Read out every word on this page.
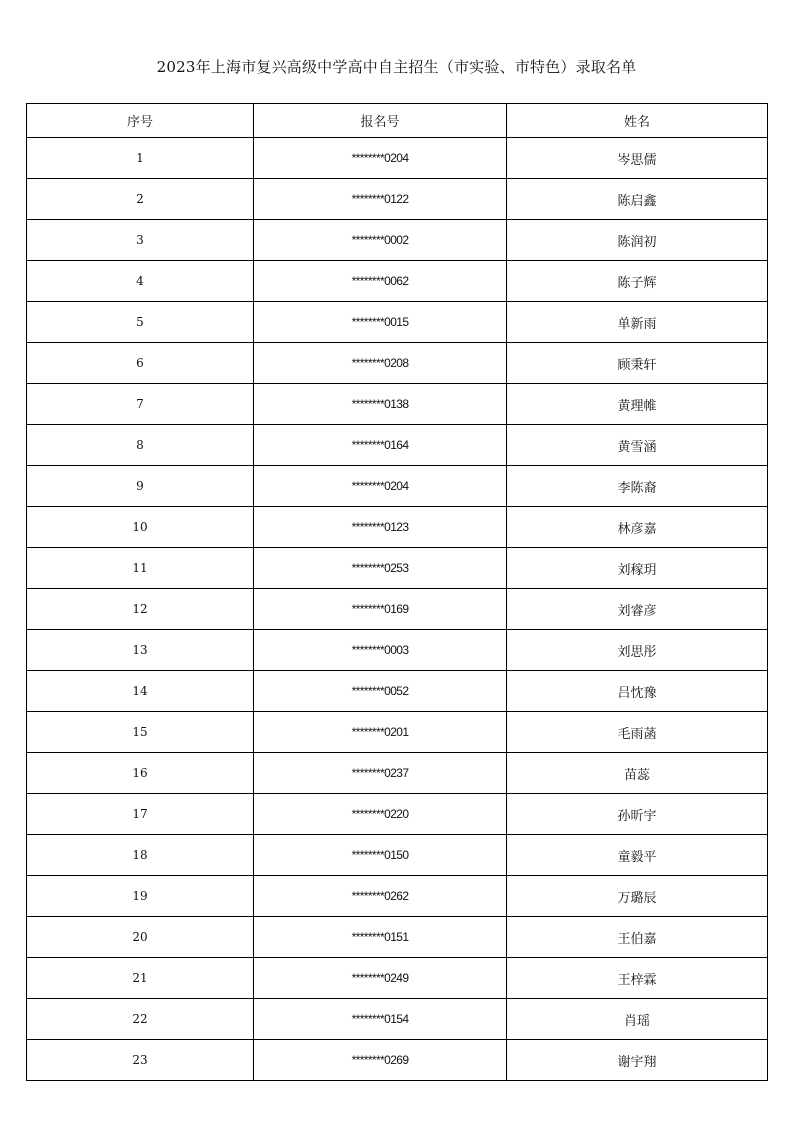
2023年上海市复兴高级中学高中自主招生（市实验、市特色）录取名单
序号	报名号	姓名
1	********0204	岑思儒
2	********0122	陈启鑫
3	********0002	陈润初
4	********0062	陈子辉
5	********0015	单新雨
6	********0208	顾秉轩
7	********0138	黄理帷
8	********0164	黄雪涵
9	********0204	李陈裔
10	********0123	林彦嘉
11	********0253	刘稼玥
12	********0169	刘睿彦
13	********0003	刘思彤
14	********0052	吕忱豫
15	********0201	毛雨菡
16	********0237	苗蕊
17	********0220	孙昕宇
18	********0150	童毅平
19	********0262	万璐辰
20	********0151	王伯嘉
21	********0249	王梓霖
22	********0154	肖瑶
23	********0269	谢宇翔
